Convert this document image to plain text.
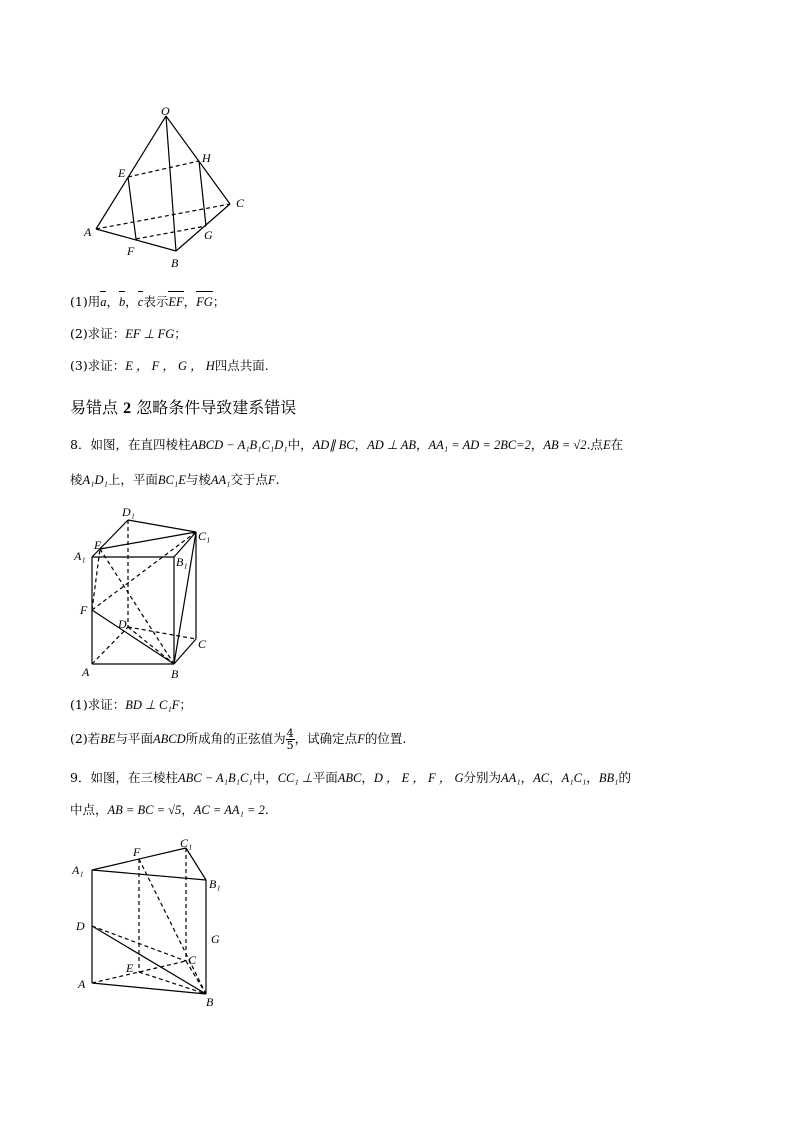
O
E
H
A
F
B
G
C
(1)用a，b，c表示EF，FG；
(2)求证：EF ⊥ FG；
(3)求证：E ， F ， G ， H四点共面.
易错点 2 忽略条件导致建系错误
8．如图，在直四棱柱ABCD − A₁B₁C₁D₁中，AD∥ BC，AD ⊥ AB，AA₁ = AD = 2BC=2，AB = √2.点E在
棱A₁D₁上，平面BC₁E与棱AA₁交于点F.
D₁
C₁
E
A₁	B₁
F
D
C
A	B
(1)求证：BD ⊥ C₁F；
(2)若BE与平面ABCD所成角的正弦值为 $\frac{4}{5}$ ，试确定点F的位置.
9．如图，在三棱柱ABC − A₁B₁C₁中，CC₁ ⊥平面ABC，D ， E ， F ， G分别为AA₁，AC，A₁C₁，BB₁的
中点，AB = BC = √5，AC = AA₁ = 2.
F
C₁
A₁
B₁
D
G
E
C
A
B
